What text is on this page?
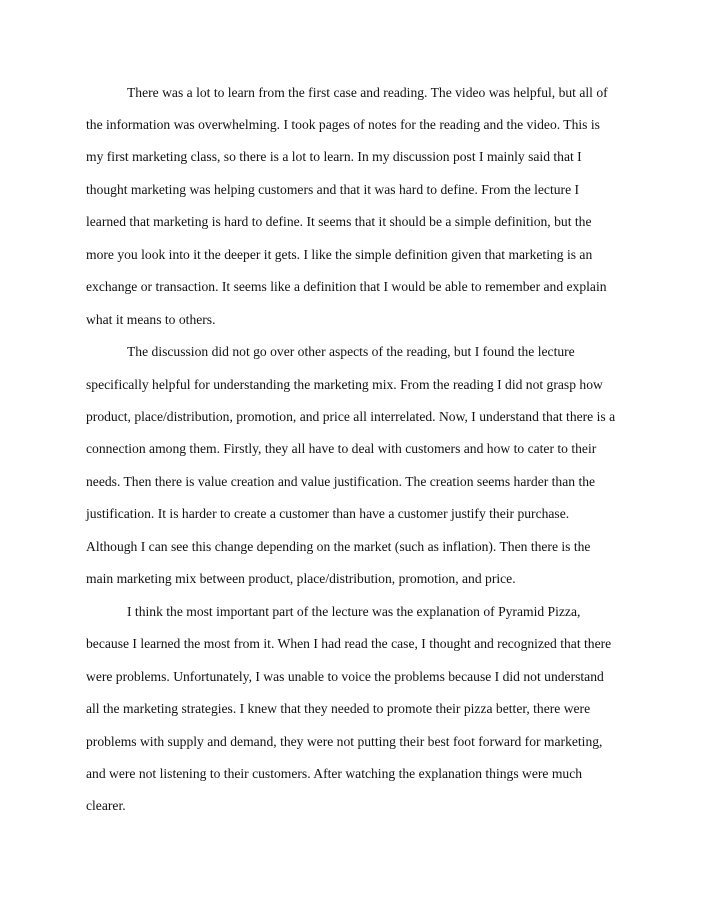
There was a lot to learn from the first case and reading. The video was helpful, but all of
the information was overwhelming. I took pages of notes for the reading and the video. This is
my first marketing class, so there is a lot to learn. In my discussion post I mainly said that I
thought marketing was helping customers and that it was hard to define. From the lecture I
learned that marketing is hard to define. It seems that it should be a simple definition, but the
more you look into it the deeper it gets. I like the simple definition given that marketing is an
exchange or transaction. It seems like a definition that I would be able to remember and explain
what it means to others.
The discussion did not go over other aspects of the reading, but I found the lecture
specifically helpful for understanding the marketing mix. From the reading I did not grasp how
product, place/distribution, promotion, and price all interrelated. Now, I understand that there is a
connection among them. Firstly, they all have to deal with customers and how to cater to their
needs. Then there is value creation and value justification. The creation seems harder than the
justification. It is harder to create a customer than have a customer justify their purchase.
Although I can see this change depending on the market (such as inflation). Then there is the
main marketing mix between product, place/distribution, promotion, and price.
I think the most important part of the lecture was the explanation of Pyramid Pizza,
because I learned the most from it. When I had read the case, I thought and recognized that there
were problems. Unfortunately, I was unable to voice the problems because I did not understand
all the marketing strategies. I knew that they needed to promote their pizza better, there were
problems with supply and demand, they were not putting their best foot forward for marketing,
and were not listening to their customers. After watching the explanation things were much
clearer.
